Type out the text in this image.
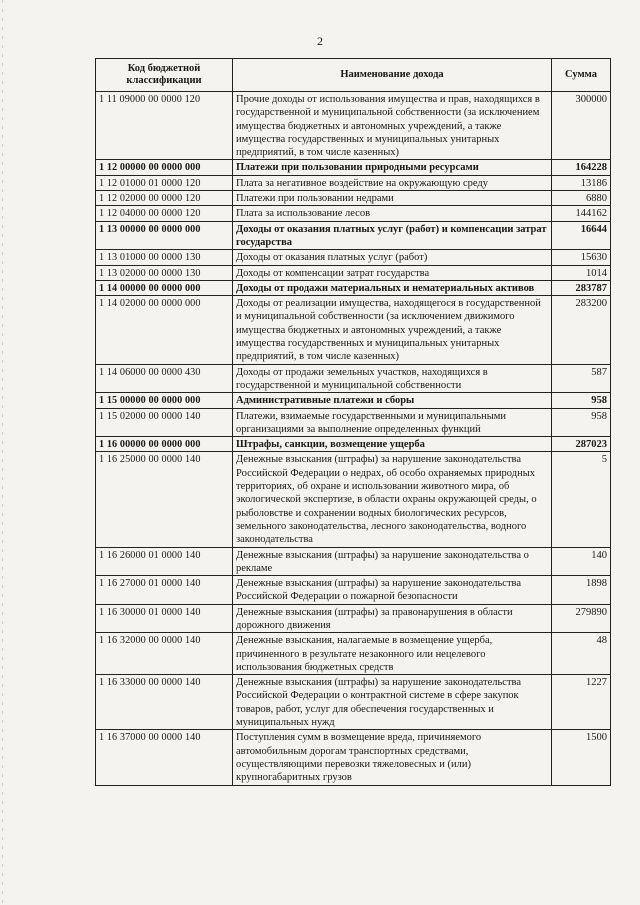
2
Код бюджетной классификации	Наименование дохода	Сумма
1 11 09000 00 0000 120	Прочие доходы от использования имущества и прав, находящихся в государственной и муниципальной собственности (за исключением имущества бюджетных и автономных учреждений, а также имущества государственных и муниципальных унитарных предприятий, в том числе казенных)	300000
1 12 00000 00 0000 000	Платежи при пользовании природными ресурсами	164228
1 12 01000 01 0000 120	Плата за негативное воздействие на окружающую среду	13186
1 12 02000 00 0000 120	Платежи при пользовании недрами	6880
1 12 04000 00 0000 120	Плата за использование лесов	144162
1 13 00000 00 0000 000	Доходы от оказания платных услуг (работ) и компенсации затрат государства	16644
1 13 01000 00 0000 130	Доходы от оказания платных услуг (работ)	15630
1 13 02000 00 0000 130	Доходы от компенсации затрат государства	1014
1 14 00000 00 0000 000	Доходы от продажи материальных и нематериальных активов	283787
1 14 02000 00 0000 000	Доходы от реализации имущества, находящегося в государственной и муниципальной собственности (за исключением движимого имущества бюджетных и автономных учреждений, а также имущества государственных и муниципальных унитарных предприятий, в том числе казенных)	283200
1 14 06000 00 0000 430	Доходы от продажи земельных участков, находящихся в государственной и муниципальной собственности	587
1 15 00000 00 0000 000	Административные платежи и сборы	958
1 15 02000 00 0000 140	Платежи, взимаемые государственными и муниципальными организациями за выполнение определенных функций	958
1 16 00000 00 0000 000	Штрафы, санкции, возмещение ущерба	287023
1 16 25000 00 0000 140	Денежные взыскания (штрафы) за нарушение законодательства Российской Федерации о недрах, об особо охраняемых природных территориях, об охране и использовании животного мира, об экологической экспертизе, в области охраны окружающей среды, о рыболовстве и сохранении водных биологических ресурсов, земельного законодательства, лесного законодательства, водного законодательства	5
1 16 26000 01 0000 140	Денежные взыскания (штрафы) за нарушение законодательства о рекламе	140
1 16 27000 01 0000 140	Денежные взыскания (штрафы) за нарушение законодательства Российской Федерации о пожарной безопасности	1898
1 16 30000 01 0000 140	Денежные взыскания (штрафы) за правонарушения в области дорожного движения	279890
1 16 32000 00 0000 140	Денежные взыскания, налагаемые в возмещение ущерба, причиненного в результате незаконного или нецелевого использования бюджетных средств	48
1 16 33000 00 0000 140	Денежные взыскания (штрафы) за нарушение законодательства Российской Федерации о контрактной системе в сфере закупок товаров, работ, услуг для обеспечения государственных и муниципальных нужд	1227
1 16 37000 00 0000 140	Поступления сумм в возмещение вреда, причиняемого автомобильным дорогам транспортных средствами, осуществляющими перевозки тяжеловесных и (или) крупногабаритных грузов	1500
